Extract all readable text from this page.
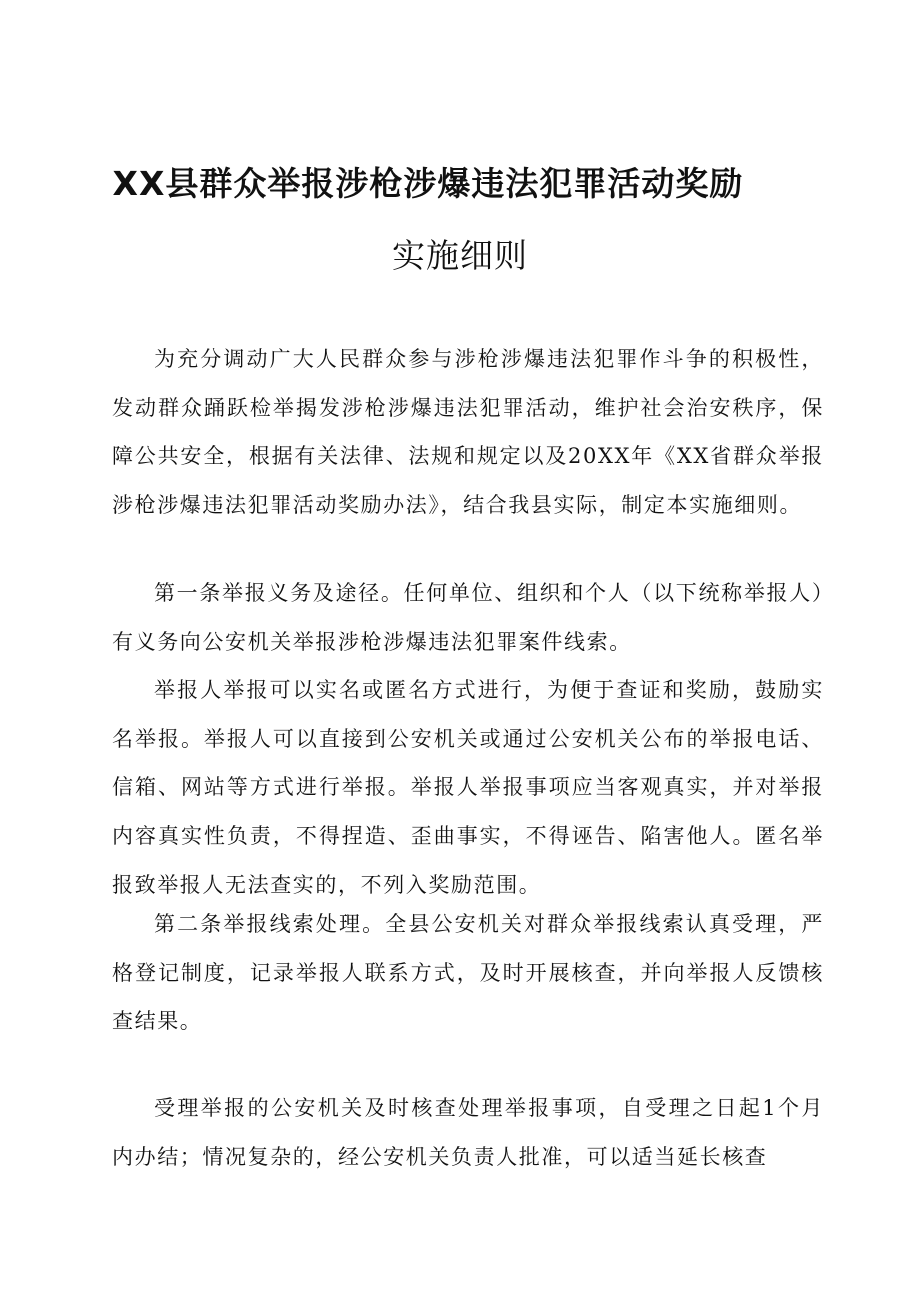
XX县群众举报涉枪涉爆违法犯罪活动奖励
实施细则

为充分调动广大人民群众参与涉枪涉爆违法犯罪作斗争的积极性，发动群众踊跃检举揭发涉枪涉爆违法犯罪活动，维护社会治安秩序，保障公共安全，根据有关法律、法规和规定以及20XX年《XX省群众举报涉枪涉爆违法犯罪活动奖励办法》，结合我县实际，制定本实施细则。

第一条举报义务及途径。任何单位、组织和个人（以下统称举报人）有义务向公安机关举报涉枪涉爆违法犯罪案件线索。

举报人举报可以实名或匿名方式进行，为便于查证和奖励，鼓励实名举报。举报人可以直接到公安机关或通过公安机关公布的举报电话、信箱、网站等方式进行举报。举报人举报事项应当客观真实，并对举报内容真实性负责，不得捏造、歪曲事实，不得诬告、陷害他人。匿名举报致举报人无法查实的，不列入奖励范围。

第二条举报线索处理。全县公安机关对群众举报线索认真受理，严格登记制度，记录举报人联系方式，及时开展核查，并向举报人反馈核查结果。

受理举报的公安机关及时核查处理举报事项，自受理之日起1个月内办结；情况复杂的，经公安机关负责人批准，可以适当延长核查
